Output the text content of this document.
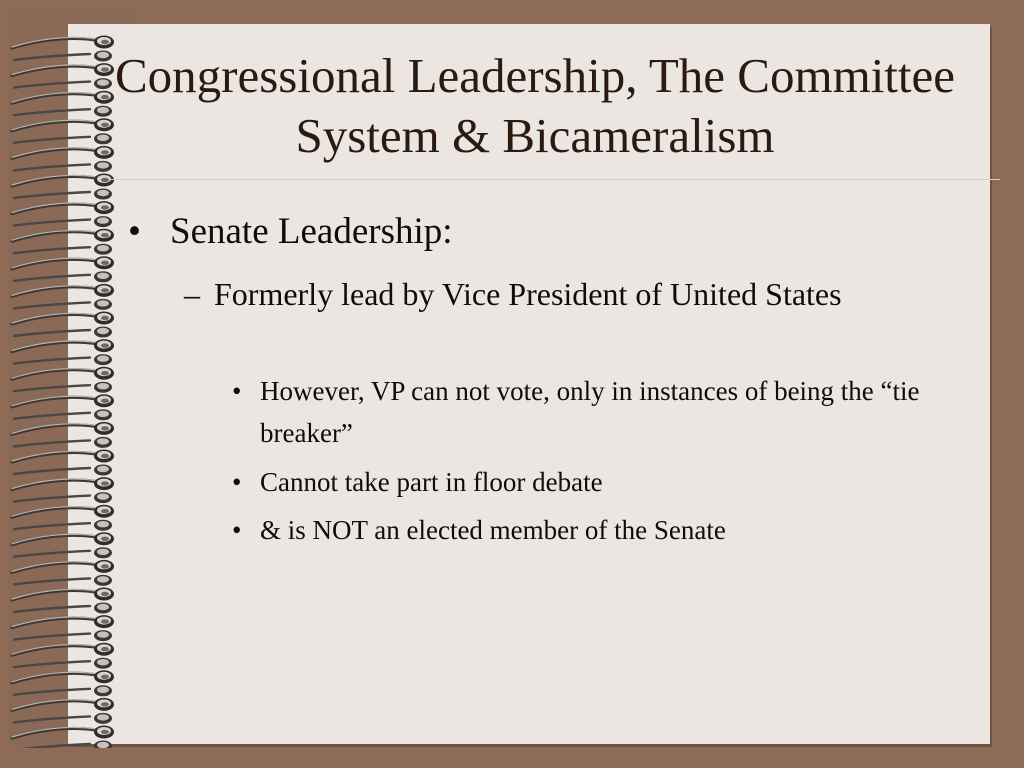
Congressional Leadership, The Committee System & Bicameralism
• Senate Leadership:
– Formerly lead by Vice President of United States
• However, VP can not vote, only in instances of being the “tie breaker”
• Cannot take part in floor debate
• & is NOT an elected member of the Senate
